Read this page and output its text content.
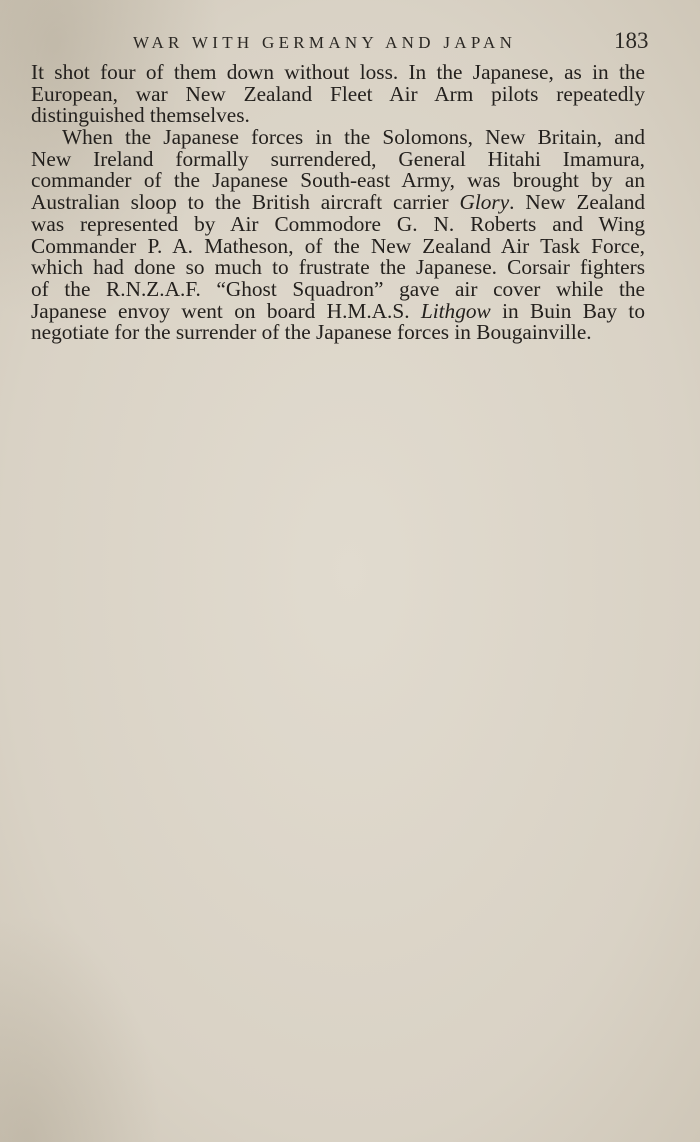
WAR WITH GERMANY AND JAPAN	183
It shot four of them down without loss. In the Japanese, as in the
European, war New Zealand Fleet Air Arm pilots repeatedly
distinguished themselves.
When the Japanese forces in the Solomons, New Britain, and
New Ireland formally surrendered, General Hitahi Imamura,
commander of the Japanese South-east Army, was brought by an
Australian sloop to the British aircraft carrier Glory. New Zealand
was represented by Air Commodore G. N. Roberts and Wing
Commander P. A. Matheson, of the New Zealand Air Task Force,
which had done so much to frustrate the Japanese. Corsair fighters
of the R.N.Z.A.F. “Ghost Squadron” gave air cover while the
Japanese envoy went on board H.M.A.S. Lithgow in Buin Bay to
negotiate for the surrender of the Japanese forces in Bougainville.
